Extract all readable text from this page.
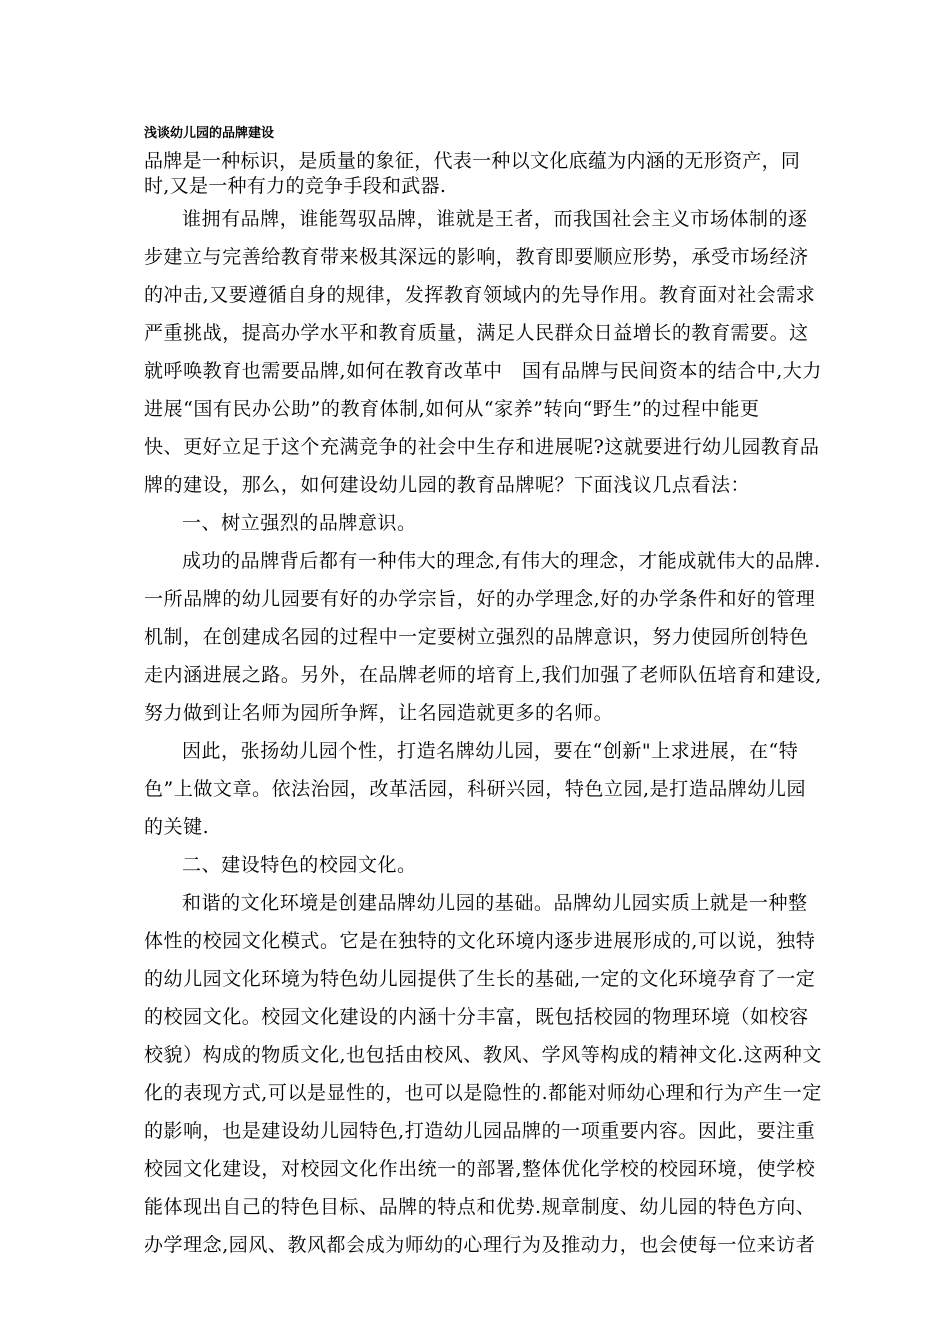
浅谈幼儿园的品牌建设
品牌是一种标识，是质量的象征，代表一种以文化底蕴为内涵的无形资产，同
时,又是一种有力的竞争手段和武器.
谁拥有品牌，谁能驾驭品牌，谁就是王者，而我国社会主义市场体制的逐
步建立与完善给教育带来极其深远的影响，教育即要顺应形势，承受市场经济
的冲击,又要遵循自身的规律，发挥教育领域内的先导作用。教育面对社会需求
严重挑战，提高办学水平和教育质量，满足人民群众日益增长的教育需要。这
就呼唤教育也需要品牌,如何在教育改革中　国有品牌与民间资本的结合中,大力
进展“国有民办公助”的教育体制,如何从“家养”转向“野生”的过程中能更
快、更好立足于这个充满竞争的社会中生存和进展呢?这就要进行幼儿园教育品
牌的建设，那么，如何建设幼儿园的教育品牌呢？下面浅议几点看法：
一、树立强烈的品牌意识。
成功的品牌背后都有一种伟大的理念,有伟大的理念，才能成就伟大的品牌.
一所品牌的幼儿园要有好的办学宗旨，好的办学理念,好的办学条件和好的管理
机制，在创建成名园的过程中一定要树立强烈的品牌意识，努力使园所创特色
走内涵进展之路。另外，在品牌老师的培育上,我们加强了老师队伍培育和建设,
努力做到让名师为园所争辉，让名园造就更多的名师。
因此，张扬幼儿园个性，打造名牌幼儿园，要在“创新"上求进展，在“特
色”上做文章。依法治园，改革活园，科研兴园，特色立园,是打造品牌幼儿园
的关键.
二、建设特色的校园文化。
和谐的文化环境是创建品牌幼儿园的基础。品牌幼儿园实质上就是一种整
体性的校园文化模式。它是在独特的文化环境内逐步进展形成的,可以说，独特
的幼儿园文化环境为特色幼儿园提供了生长的基础,一定的文化环境孕育了一定
的校园文化。校园文化建设的内涵十分丰富，既包括校园的物理环境（如校容
校貌）构成的物质文化,也包括由校风、教风、学风等构成的精神文化.这两种文
化的表现方式,可以是显性的，也可以是隐性的.都能对师幼心理和行为产生一定
的影响，也是建设幼儿园特色,打造幼儿园品牌的一项重要内容。因此，要注重
校园文化建设，对校园文化作出统一的部署,整体优化学校的校园环境，使学校
能体现出自己的特色目标、品牌的特点和优势.规章制度、幼儿园的特色方向、
办学理念,园风、教风都会成为师幼的心理行为及推动力，也会使每一位来访者
